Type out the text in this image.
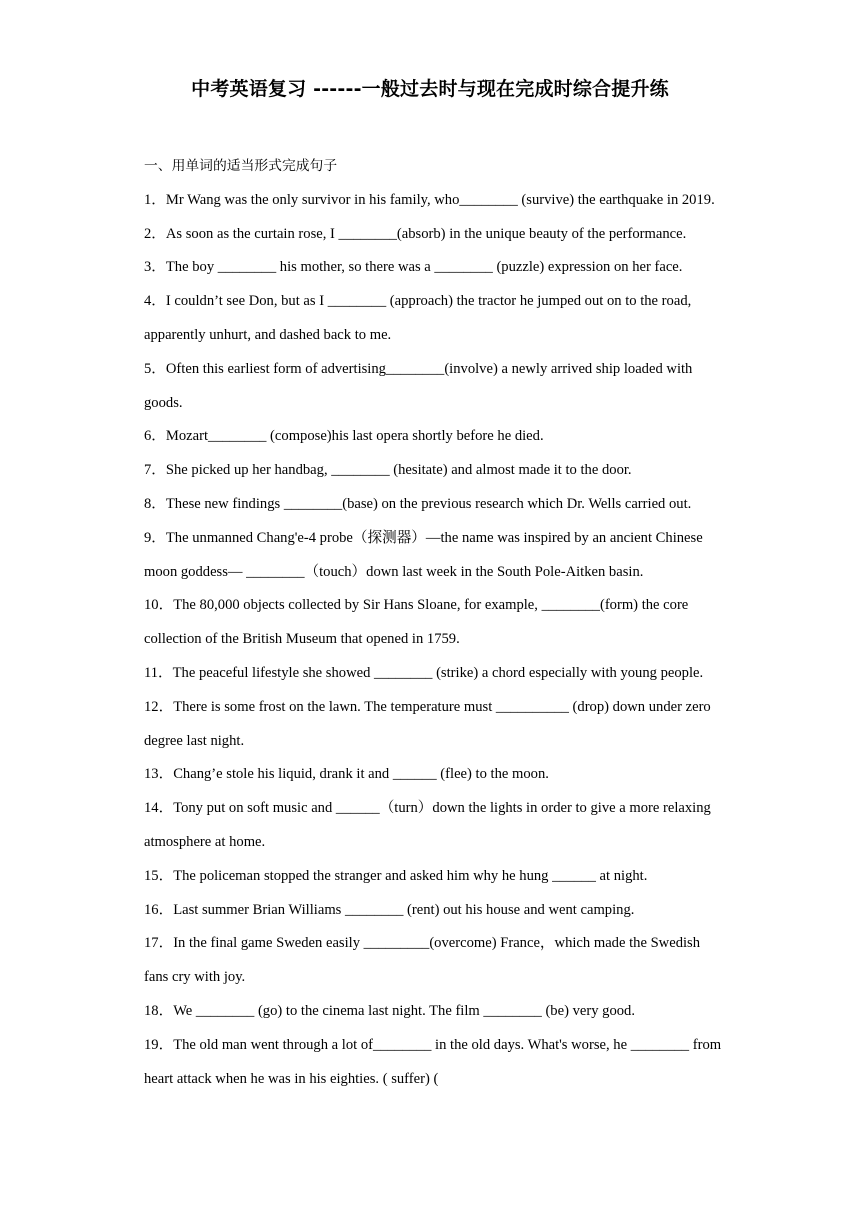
中考英语复习 ------一般过去时与现在完成时综合提升练
一、用单词的适当形式完成句子

1．Mr Wang was the only survivor in his family, who________ (survive) the earthquake in 2019.

2．As soon as the curtain rose, I ________(absorb) in the unique beauty of the performance.

3．The boy ________ his mother, so there was a ________ (puzzle) expression on her face.

4．I couldn’t see Don, but as I ________ (approach) the tractor he jumped out on to the road, apparently unhurt, and dashed back to me.

5．Often this earliest form of advertising________(involve) a newly arrived ship loaded with goods.

6．Mozart________ (compose)his last opera shortly before he died.

7．She picked up her handbag, ________ (hesitate) and almost made it to the door.

8．These new findings ________(base) on the previous research which Dr. Wells carried out.

9．The unmanned Chang'e-4 probe（探测器）—the name was inspired by an ancient Chinese moon goddess— ________（touch）down last week in the South Pole-Aitken basin.

10．The 80,000 objects collected by Sir Hans Sloane, for example, ________(form) the core collection of the British Museum that opened in 1759.

11．The peaceful lifestyle she showed ________ (strike) a chord especially with young people.

12．There is some frost on the lawn. The temperature must __________ (drop) down under zero degree last night.

13．Chang’e stole his liquid, drank it and ______ (flee) to the moon.

14．Tony put on soft music and ______（turn）down the lights in order to give a more relaxing atmosphere at home.

15．The policeman stopped the stranger and asked him why he hung ______ at night.

16．Last summer Brian Williams ________ (rent) out his house and went camping.

17．In the final game Sweden easily _________(overcome) France，which made the Swedish fans cry with joy.

18．We ________ (go) to the cinema last night. The film ________ (be) very good.

19．The old man went through a lot of________ in the old days. What's worse, he ________ from heart attack when he was in his eighties. ( suffer) (
